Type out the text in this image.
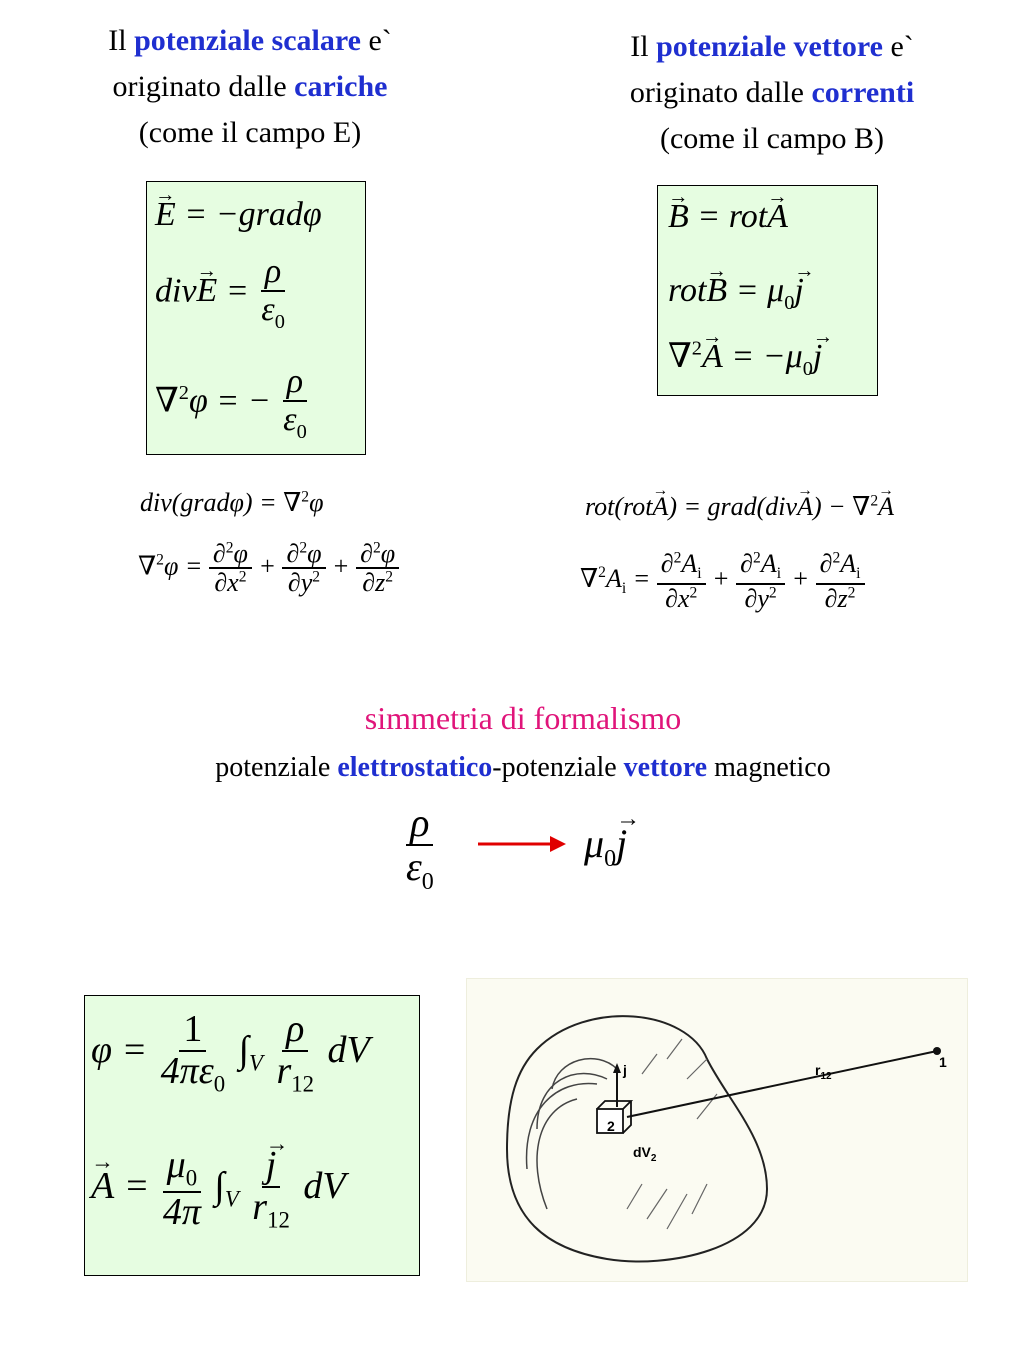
Il potenziale scalare e`
originato dalle cariche
(come il campo E)
Il potenziale vettore e`
originato dalle correnti
(come il campo B)
→ E = −gradφ
$div\to E = \frac{\rho}{\varepsilon_0}$
∇$^2$φ = − $\frac{\rho}{\varepsilon_0}$
→ B = rot→ A
$rot\to B = \mu_0\to j$
$\nabla^2\to A = -\mu_0\to j$
div(gradφ) = ∇$^2$φ
$\nabla^2\varphi = \frac{\partial^2\varphi}{\partial x^2} + \frac{\partial^2\varphi}{\partial y^2} + \frac{\partial^2\varphi}{\partial z^2}$
rot(rot→ A) = grad(div→ A) − ∇$^2$→ A
$\nabla^2A_i = \frac{\partial^2A_i}{\partial x^2} + \frac{\partial^2A_i}{\partial y^2} + \frac{\partial^2A_i}{\partial z^2}$
simmetria di formalismo
potenziale elettrostatico-potenziale vettore magnetico
$\frac{\rho}{\varepsilon_0}$	$\mu_0\to j$
$\varphi = \frac{1}{4\pi\varepsilon_0} \int_V \frac{\rho}{r_{12}}$ dV
→ $A = \frac{\mu_0}{4\pi} \int_V$
→ $\frac{j}{r_{12}}$ dV
2
j
$dV_2$
$r_{12}$
1
